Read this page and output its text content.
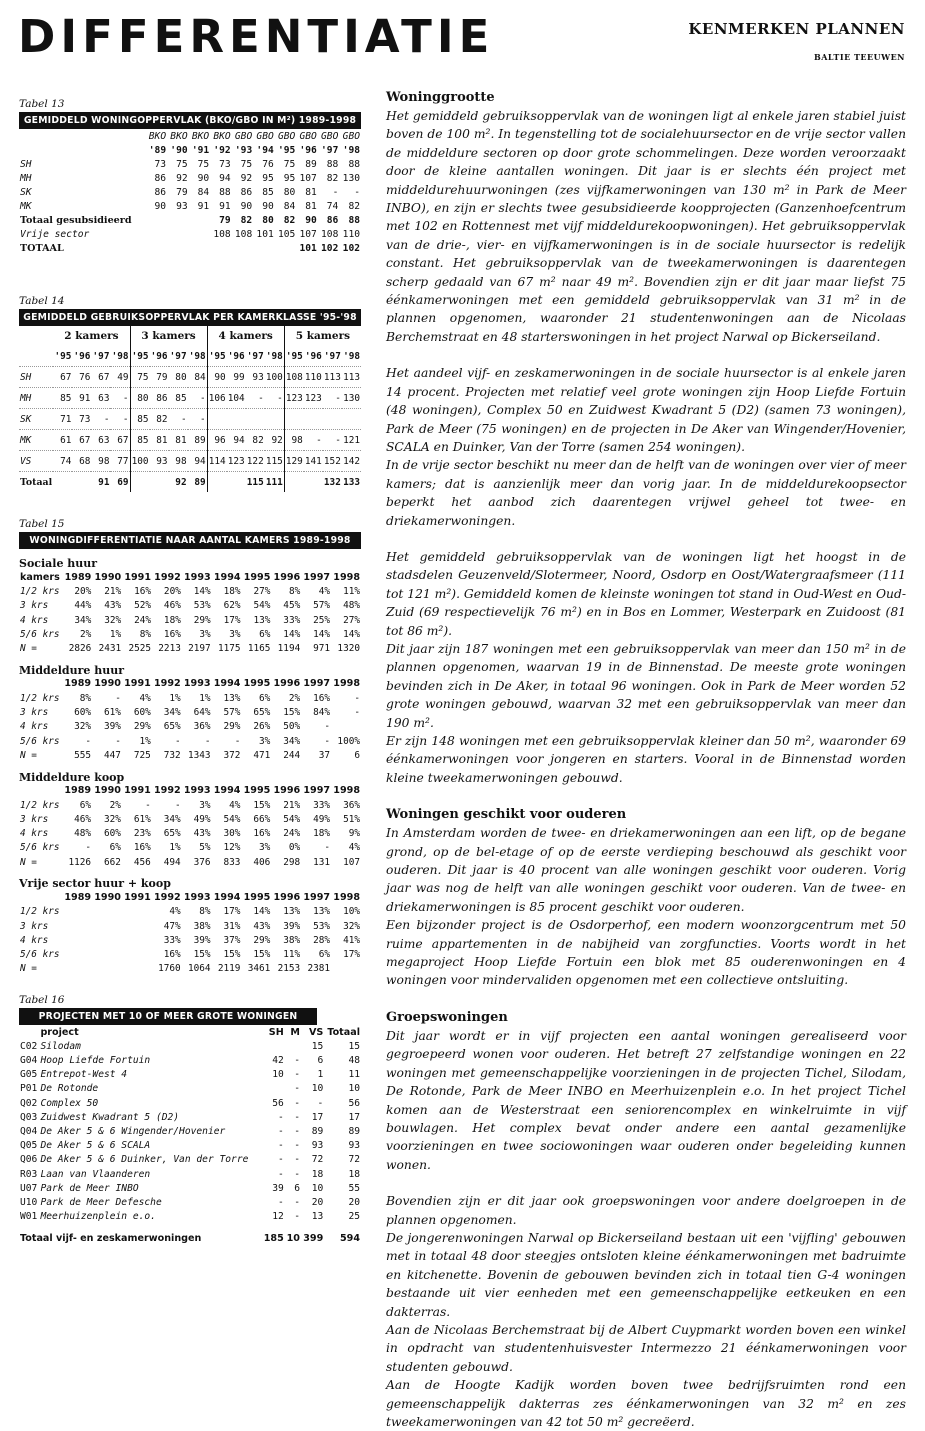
DIFFERENTIATIE	KENMERKEN PLANNEN
BALTIE TEEUWEN
Tabel 13
GEMIDDELD WONINGOPPERVLAK (BKO/GBO IN M²) 1989-1998
	BKO	BKO	BKO	BKO	GBO	GBO	GBO	GBO	GBO	GBO
	'89	'90	'91	'92	'93	'94	'95	'96	'97	'98
SH	73	75	75	73	75	76	75	89	88	88
MH	86	92	90	94	92	95	95	107	82	130
SK	86	79	84	88	86	85	80	81	-	-
MK	90	93	91	91	90	90	84	81	74	82
Totaal gesubsidieerd				79	82	80	82	90	86	88
Vrije sector				108	108	101	105	107	108	110
TOTAAL								101	102	102
Tabel 14
GEMIDDELD GEBRUIKSOPPERVLAK PER KAMERKLASSE '95-'98
	2 kamers				3 kamers				4 kamers				5 kamers			
	'95	'96	'97	'98	'95	'96	'97	'98	'95	'96	'97	'98	'95	'96	'97	'98
SH	67	76	67	49	75	79	80	84	90	99	93	100	108	110	113	113
MH	85	91	63	-	80	86	85	-	106	104	-	-	123	123	-	130
SK	71	73	-	-	85	82	-	-								
MK	61	67	63	67	85	81	81	89	96	94	82	92	98	-	-	121
VS	74	68	98	77	100	93	98	94	114	123	122	115	129	141	152	142
Totaal			91	69			92	89			115	111			132	133
Tabel 15
WONINGDIFFERENTIATIE NAAR AANTAL KAMERS 1989-1998
Sociale huur
kamers	1989	1990	1991	1992	1993	1994	1995	1996	1997	1998
1/2 krs	20%	21%	16%	20%	14%	18%	27%	8%	4%	11%
3 krs	44%	43%	52%	46%	53%	62%	54%	45%	57%	48%
4 krs	34%	32%	24%	18%	29%	17%	13%	33%	25%	27%
5/6 krs	2%	1%	8%	16%	3%	3%	6%	14%	14%	14%
N =	2826	2431	2525	2213	2197	1175	1165	1194	971	1320
Middeldure huur
	1989	1990	1991	1992	1993	1994	1995	1996	1997	1998
1/2 krs	8%	-	4%	1%	1%	13%	6%	2%	16%	-
3 krs	60%	61%	60%	34%	64%	57%	65%	15%	84%	-
4 krs	32%	39%	29%	65%	36%	29%	26%	50%	-	
5/6 krs	-	-	1%	-	-	-	3%	34%	-	100%
N =	555	447	725	732	1343	372	471	244	37	6
Middeldure koop
	1989	1990	1991	1992	1993	1994	1995	1996	1997	1998
1/2 krs	6%	2%	-	-	3%	4%	15%	21%	33%	36%
3 krs	46%	32%	61%	34%	49%	54%	66%	54%	49%	51%
4 krs	48%	60%	23%	65%	43%	30%	16%	24%	18%	9%
5/6 krs	-	6%	16%	1%	5%	12%	3%	0%	-	4%
N =	1126	662	456	494	376	833	406	298	131	107
Vrije sector huur + koop
	1989	1990	1991	1992	1993	1994	1995	1996	1997	1998
1/2 krs				4%	8%	17%	14%	13%	13%	10%
3 krs				47%	38%	31%	43%	39%	53%	32%
4 krs				33%	39%	37%	29%	38%	28%	41%
5/6 krs				16%	15%	15%	15%	11%	6%	17%
N =				1760	1064	2119	3461	2153	2381	
Tabel 16
PROJECTEN MET 10 OF MEER GROTE WONINGEN
	project	SH	M	VS	Totaal
C02	Silodam			15	15
G04	Hoop Liefde Fortuin	42	-	6	48
G05	Entrepot-West 4	10	-	1	11
P01	De Rotonde		-	10	10
Q02	Complex 50	56	-	-	56
Q03	Zuidwest Kwadrant 5 (D2)	-	-	17	17
Q04	De Aker 5 & 6 Wingender/Hovenier	-	-	89	89
Q05	De Aker 5 & 6 SCALA	-	-	93	93
Q06	De Aker 5 & 6 Duinker, Van der Torre	-	-	72	72
R03	Laan van Vlaanderen	-	-	18	18
U07	Park de Meer INBO	39	6	10	55
U10	Park de Meer Defesche	-	-	20	20
W01	Meerhuizenplein e.o.	12	-	13	25
Totaal vijf- en zeskamerwoningen		185	10	399	594
Woninggrootte

Het gemiddeld gebruiksoppervlak van de woningen ligt al enkele jaren stabiel juist boven de 100 m². In tegenstelling tot de socialehuursector en de vrije sector vallen de middeldure sectoren op door grote schommelingen. Deze worden veroorzaakt door de kleine aantallen woningen. Dit jaar is er slechts één project met middeldurehuurwoningen (zes vijfkamerwoningen van 130 m² in Park de Meer INBO), en zijn er slechts twee gesubsidieerde koopprojecten (Ganzenhoefcentrum met 102 en Rottennest met vijf middeldurekoopwoningen). Het gebruiksoppervlak van de drie-, vier- en vijfkamerwoningen is in de sociale huursector is redelijk constant. Het gebruiksoppervlak van de tweekamerwoningen is daarentegen scherp gedaald van 67 m² naar 49 m². Bovendien zijn er dit jaar maar liefst 75 éénkamerwoningen met een gemiddeld gebruiksoppervlak van 31 m² in de plannen opgenomen, waaronder 21 studentenwoningen aan de Nicolaas Berchemstraat en 48 starterswoningen in het project Narwal op Bickerseiland.

Het aandeel vijf- en zeskamerwoningen in de sociale huursector is al enkele jaren 14 procent. Projecten met relatief veel grote woningen zijn Hoop Liefde Fortuin (48 woningen), Complex 50 en Zuidwest Kwadrant 5 (D2) (samen 73 woningen), Park de Meer (75 woningen) en de projecten in De Aker van Wingender/Hovenier, SCALA en Duinker, Van der Torre (samen 254 woningen).

In de vrije sector beschikt nu meer dan de helft van de woningen over vier of meer kamers; dat is aanzienlijk meer dan vorig jaar. In de middeldurekoopsector beperkt het aanbod zich daarentegen vrijwel geheel tot twee- en driekamerwoningen.

Het gemiddeld gebruiksoppervlak van de woningen ligt het hoogst in de stadsdelen Geuzenveld/Slotermeer, Noord, Osdorp en Oost/Watergraafsmeer (111 tot 121 m²). Gemiddeld komen de kleinste woningen tot stand in Oud-West en Oud-Zuid (69 respectievelijk 76 m²) en in Bos en Lommer, Westerpark en Zuidoost (81 tot 86 m²).

Dit jaar zijn 187 woningen met een gebruiksoppervlak van meer dan 150 m² in de plannen opgenomen, waarvan 19 in de Binnenstad. De meeste grote woningen bevinden zich in De Aker, in totaal 96 woningen. Ook in Park de Meer worden 52 grote woningen gebouwd, waarvan 32 met een gebruiksoppervlak van meer dan 190 m².

Er zijn 148 woningen met een gebruiksoppervlak kleiner dan 50 m², waaronder 69 éénkamerwoningen voor jongeren en starters. Vooral in de Binnenstad worden kleine tweekamerwoningen gebouwd.

Woningen geschikt voor ouderen

In Amsterdam worden de twee- en driekamerwoningen aan een lift, op de begane grond, op de bel-etage of op de eerste verdieping beschouwd als geschikt voor ouderen. Dit jaar is 40 procent van alle woningen geschikt voor ouderen. Vorig jaar was nog de helft van alle woningen geschikt voor ouderen. Van de twee- en driekamerwoningen is 85 procent geschikt voor ouderen.

Een bijzonder project is de Osdorperhof, een modern woonzorgcentrum met 50 ruime appartementen in de nabijheid van zorgfuncties. Voorts wordt in het megaproject Hoop Liefde Fortuin een blok met 85 ouderenwoningen en 4 woningen voor mindervaliden opgenomen met een collectieve ontsluiting.

Groepswoningen

Dit jaar wordt er in vijf projecten een aantal woningen gerealiseerd voor gegroepeerd wonen voor ouderen. Het betreft 27 zelfstandige woningen en 22 woningen met gemeenschappelijke voorzieningen in de projecten Tichel, Silodam, De Rotonde, Park de Meer INBO en Meerhuizenplein e.o. In het project Tichel komen aan de Westerstraat een seniorencomplex en winkelruimte in vijf bouwlagen. Het complex bevat onder andere een aantal gezamenlijke voorzieningen en twee sociowoningen waar ouderen onder begeleiding kunnen wonen.

Bovendien zijn er dit jaar ook groepswoningen voor andere doelgroepen in de plannen opgenomen.

De jongerenwoningen Narwal op Bickerseiland bestaan uit een 'vijfling' gebouwen met in totaal 48 door steegjes ontsloten kleine éénkamerwoningen met badruimte en kitchenette. Bovenin de gebouwen bevinden zich in totaal tien G-4 woningen bestaande uit vier eenheden met een gemeenschappelijke eetkeuken en een dakterras.

Aan de Nicolaas Berchemstraat bij de Albert Cuypmarkt worden boven een winkel in opdracht van studentenhuisvester Intermezzo 21 éénkamerwoningen voor studenten gebouwd.

Aan de Hoogte Kadijk worden boven twee bedrijfsruimten rond een gemeenschappelijk dakterras zes éénkamerwoningen van 32 m² en zes tweekamerwoningen van 42 tot 50 m² gecreëerd.
